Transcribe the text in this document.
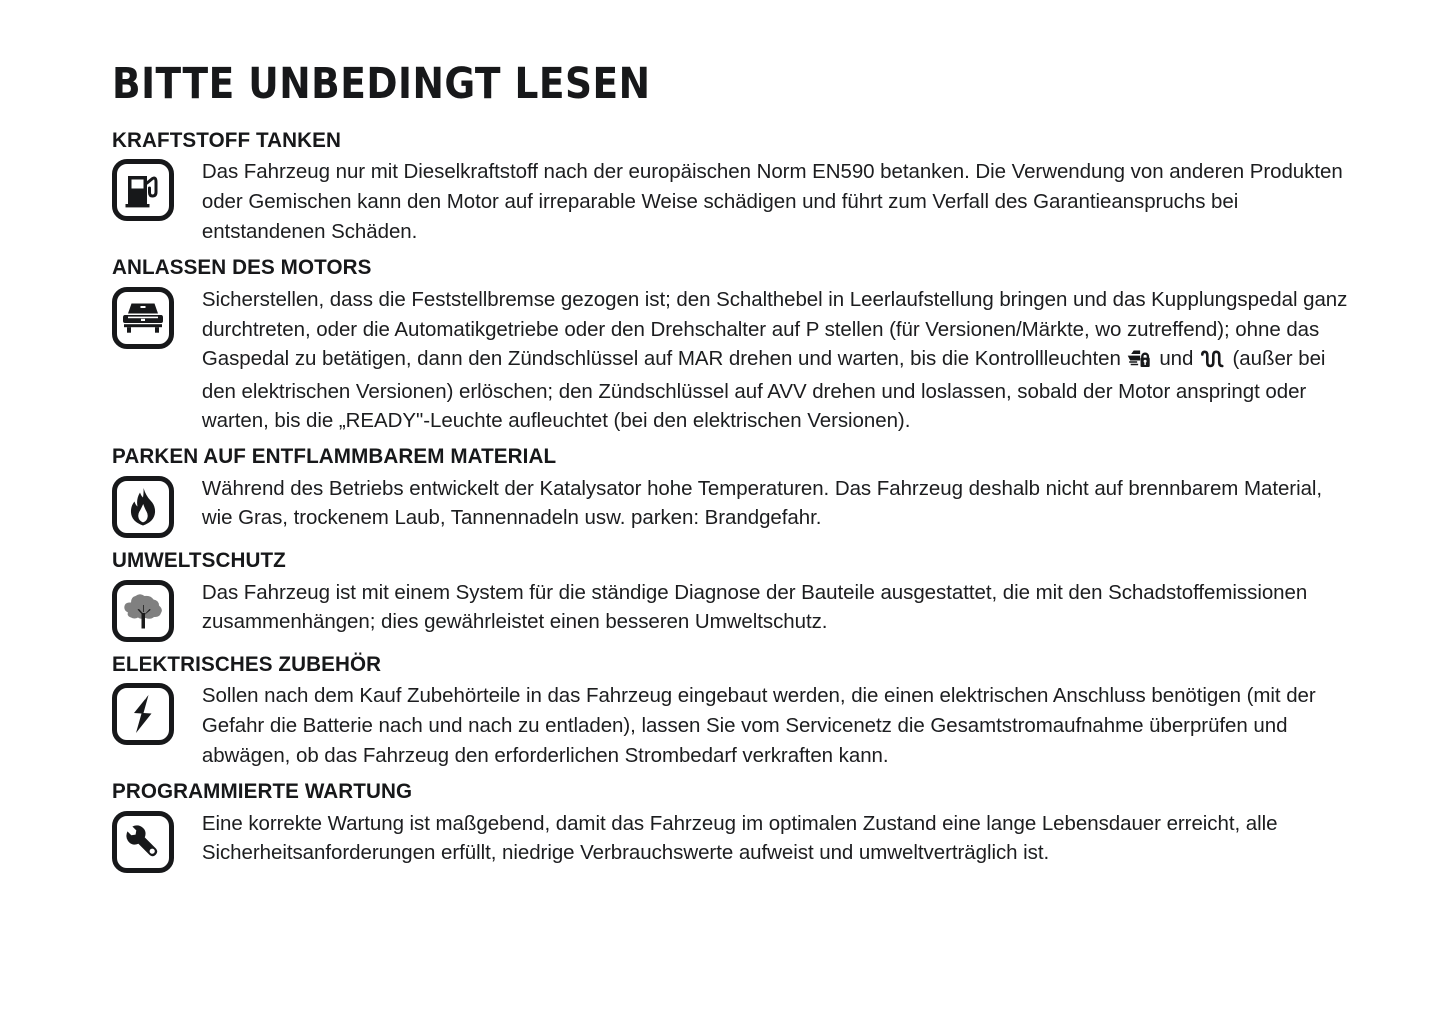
BITTE UNBEDINGT LESEN
KRAFTSTOFF TANKEN

Das Fahrzeug nur mit Dieselkraftstoff nach der europäischen Norm EN590 betanken. Die Verwendung von anderen Produkten oder Gemischen kann den Motor auf irreparable Weise schädigen und führt zum Verfall des Garantieanspruchs bei entstandenen Schäden.

ANLASSEN DES MOTORS

Sicherstellen, dass die Feststellbremse gezogen ist; den Schalthebel in Leerlaufstellung bringen und das Kupplungspedal ganz durchtreten, oder die Automatikgetriebe oder den Drehschalter auf P stellen (für Versionen/Märkte, wo zutreffend); ohne das Gaspedal zu betätigen, dann den Zündschlüssel auf MAR drehen und warten, bis die Kontrollleuchten und  (außer bei den elektrischen Versionen) erlöschen; den Zündschlüssel auf AVV drehen und loslassen, sobald der Motor anspringt oder warten, bis die „READY"-Leuchte aufleuchtet (bei den elektrischen Versionen).

PARKEN AUF ENTFLAMMBAREM MATERIAL

Während des Betriebs entwickelt der Katalysator hohe Temperaturen. Das Fahrzeug deshalb nicht auf brennbarem Material, wie Gras, trockenem Laub, Tannennadeln usw. parken: Brandgefahr.

UMWELTSCHUTZ

Das Fahrzeug ist mit einem System für die ständige Diagnose der Bauteile ausgestattet, die mit den Schadstoffemissionen zusammenhängen; dies gewährleistet einen besseren Umweltschutz.

ELEKTRISCHES ZUBEHÖR

Sollen nach dem Kauf Zubehörteile in das Fahrzeug eingebaut werden, die einen elektrischen Anschluss benötigen (mit der Gefahr die Batterie nach und nach zu entladen), lassen Sie vom Servicenetz die Gesamtstromaufnahme überprüfen und abwägen, ob das Fahrzeug den erforderlichen Strombedarf verkraften kann.

PROGRAMMIERTE WARTUNG

Eine korrekte Wartung ist maßgebend, damit das Fahrzeug im optimalen Zustand eine lange Lebensdauer erreicht, alle Sicherheitsanforderungen erfüllt, niedrige Verbrauchswerte aufweist und umweltverträglich ist.
